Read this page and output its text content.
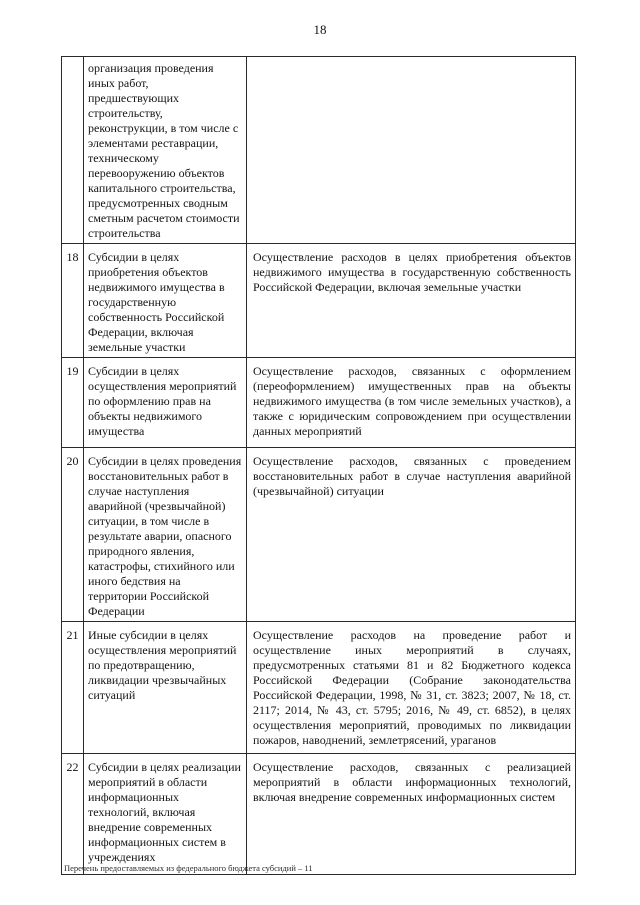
18
	организация проведения иных работ, предшествующих строительству, реконструкции, в том числе с элементами реставрации, техническому перевооружению объектов капитального строительства, предусмотренных сводным сметным расчетом стоимости строительства	
18	Субсидии в целях приобретения объектов недвижимого имущества в государственную собственность Российской Федерации, включая земельные участки	Осуществление расходов в целях приобретения объектов недвижимого имущества в государственную собственность Российской Федерации, включая земельные участки
19	Субсидии в целях осуществления мероприятий по оформлению прав на объекты недвижимого имущества	Осуществление расходов, связанных с оформлением (переоформлением) имущественных прав на объекты недвижимого имущества (в том числе земельных участков), а также с юридическим сопровождением при осуществлении данных мероприятий
20	Субсидии в целях проведения восстановительных работ в случае наступления аварийной (чрезвычайной) ситуации, в том числе в результате аварии, опасного природного явления, катастрофы, стихийного или иного бедствия на территории Российской Федерации	Осуществление расходов, связанных с проведением восстановительных работ в случае наступления аварийной (чрезвычайной) ситуации
21	Иные субсидии в целях осуществления мероприятий по предотвращению, ликвидации чрезвычайных ситуаций	Осуществление расходов на проведение работ и осуществление иных мероприятий в случаях, предусмотренных статьями 81 и 82 Бюджетного кодекса Российской Федерации (Собрание законодательства Российской Федерации, 1998, № 31, ст. 3823; 2007, № 18, ст. 2117; 2014, № 43, ст. 5795; 2016, № 49, ст. 6852), в целях осуществления мероприятий, проводимых по ликвидации пожаров, наводнений, землетрясений, ураганов
22	Субсидии в целях реализации мероприятий в области информационных технологий, включая внедрение современных информационных систем в учреждениях	Осуществление расходов, связанных с реализацией мероприятий в области информационных технологий, включая внедрение современных информационных систем
Перечень предоставляемых из федерального бюджета субсидий – 11
